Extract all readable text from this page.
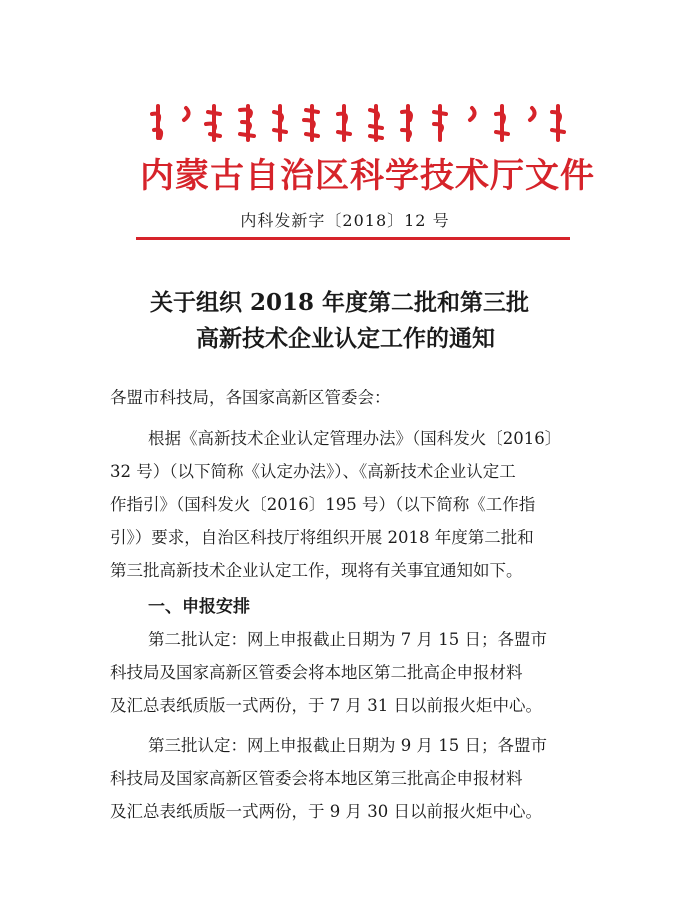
内蒙古自治区科学技术厅文件
内科发新字〔2018〕12 号
关于组织 2018 年度第二批和第三批
高新技术企业认定工作的通知
各盟市科技局，各国家高新区管委会：
根据《高新技术企业认定管理办法》（国科发火〔2016〕
32 号）（以下简称《认定办法》）、《高新技术企业认定工
作指引》（国科发火〔2016〕195 号）（以下简称《工作指
引》）要求，自治区科技厅将组织开展 2018 年度第二批和
第三批高新技术企业认定工作，现将有关事宜通知如下。
一、申报安排
第二批认定：网上申报截止日期为 7 月 15 日；各盟市
科技局及国家高新区管委会将本地区第二批高企申报材料
及汇总表纸质版一式两份，于 7 月 31 日以前报火炬中心。
第三批认定：网上申报截止日期为 9 月 15 日；各盟市
科技局及国家高新区管委会将本地区第三批高企申报材料
及汇总表纸质版一式两份，于 9 月 30 日以前报火炬中心。
